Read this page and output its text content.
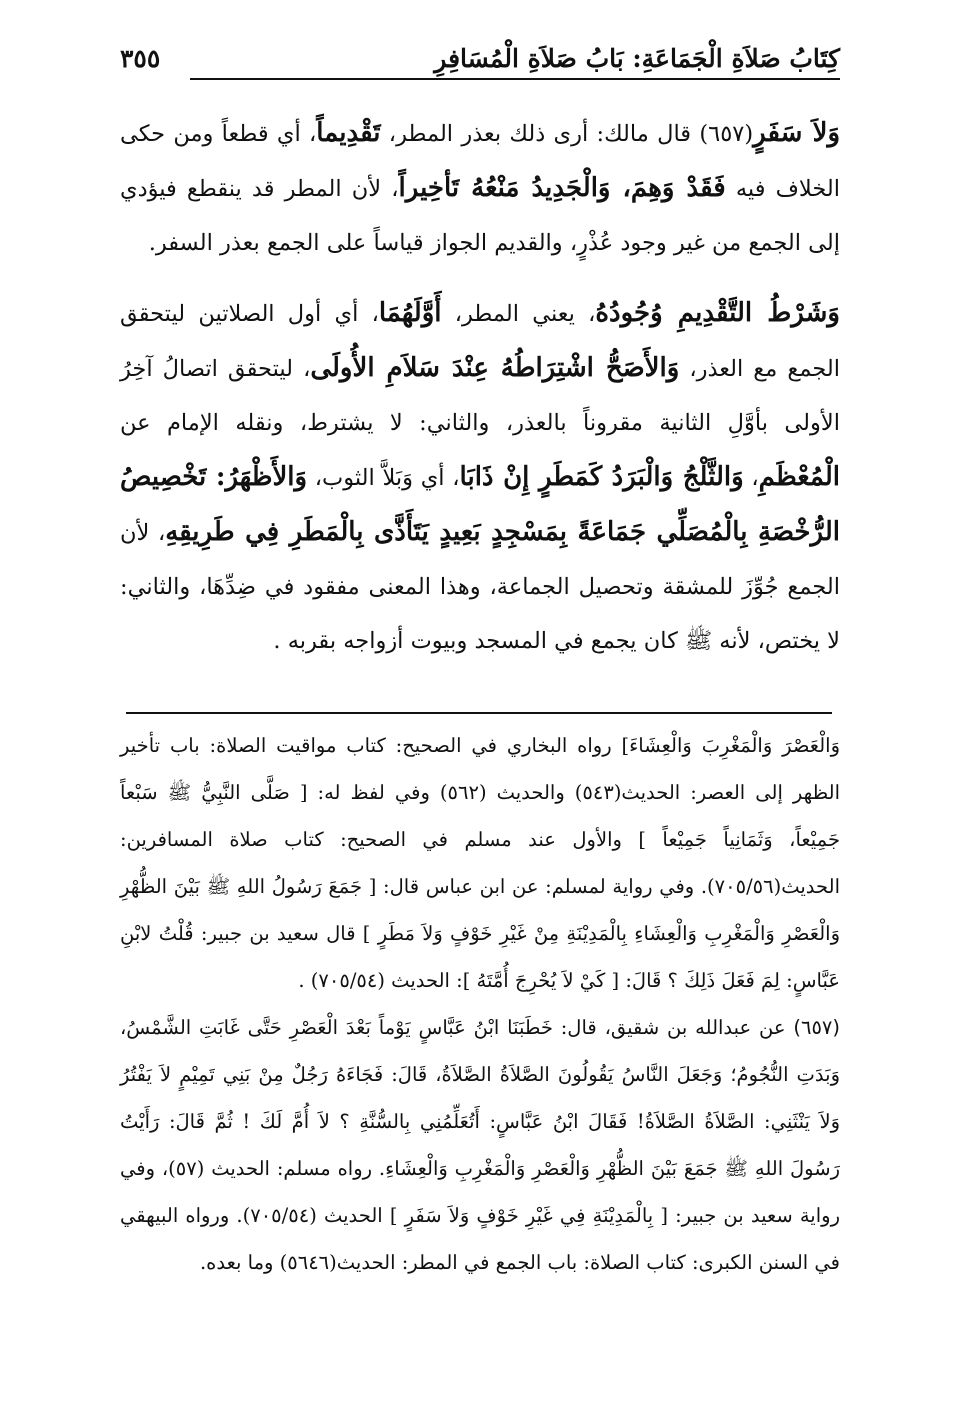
كِتَابُ صَلاَةِ الْجَمَاعَةِ: بَابُ صَلاَةِ الْمُسَافِرِ
٣٥٥

وَلاَ سَفَرٍ(٦٥٧) قال مالك: أرى ذلك بعذر المطر، تَقْدِيماً، أي قطعاً ومن حكى الخلاف فيه فَقَدْ وَهِمَ، وَالْجَدِيدُ مَنْعُهُ تَأخِيراً، لأن المطر قد ينقطع فيؤدي إلى الجمع من غير وجود عُذْرٍ، والقديم الجواز قياساً على الجمع بعذر السفر.

وَشَرْطُ التَّقْدِيمِ وُجُودُهُ، يعني المطر، أَوَّلَهُمَا، أي أول الصلاتين ليتحقق الجمع مع العذر، وَالأَصَحُّ اشْتِرَاطُهُ عِنْدَ سَلاَمِ الأُولَى، ليتحقق اتصالُ آخِرُ الأولى بأوَّلِ الثانية مقروناً بالعذر، والثاني: لا يشترط، ونقله الإمام عن الْمُعْظَمِ، وَالثَّلْجُ وَالْبَرَدُ كَمَطَرٍ إِنْ ذَابَا، أي وَبَلاَّ الثوب، وَالأَظْهَرُ: تَخْصِيصُ الرُّخْصَةِ بِالْمُصَلِّي جَمَاعَةً بِمَسْجِدٍ بَعِيدٍ يَتَأَذَّى بِالْمَطَرِ فِي طَرِيقِهِ، لأن الجمع جُوِّزَ للمشقة وتحصيل الجماعة، وهذا المعنى مفقود في ضِدِّهَا، والثاني: لا يختص، لأنه ﷺ كان يجمع في المسجد وبيوت أزواجه بقربه .

وَالْعَصْرَ وَالْمَغْرِبَ وَالْعِشَاءَ] رواه البخاري في الصحيح: كتاب مواقيت الصلاة: باب تأخير الظهر إلى العصر: الحديث(٥٤٣) والحديث (٥٦٢) وفي لفظ له: [ صَلَّى النَّبِيُّ ﷺ سَبْعاً جَمِيْعاً، وَثَمَانِياً جَمِيْعاً ] والأول عند مسلم في الصحيح: كتاب صلاة المسافرين: الحديث(٧٠٥/٥٦). وفي رواية لمسلم: عن ابن عباس قال: [ جَمَعَ رَسُولُ اللهِ ﷺ بَيْنَ الظُّهْرِ وَالْعَصْرِ وَالْمَغْرِبِ وَالْعِشَاءِ بِالْمَدِيْنَةِ مِنْ غَيْرِ خَوْفٍ وَلاَ مَطَرٍ ] قال سعيد بن جبير: قُلْتُ لابْنِ عَبَّاسٍ: لِمَ فَعَلَ ذَلِكَ ؟ قَالَ: [ كَيْ لاَ يُحْرِجَ أُمَّتَهُ ]: الحديث (٧٠٥/٥٤) .

(٦٥٧) عن عبدالله بن شقيق، قال: خَطَبَنَا ابْنُ عَبَّاسٍ يَوْماً بَعْدَ الْعَصْرِ حَتَّى غَابَتِ الشَّمْسُ، وَبَدَتِ النُّجُومُ؛ وَجَعَلَ النَّاسُ يَقُولُونَ الصَّلاَةُ الصَّلاَةُ، قَالَ: فَجَاءَهُ رَجُلٌ مِنْ بَنِي تَمِيْمٍ لاَ يَفْتُرُ وَلاَ يَنْثَنِي: الصَّلاَةُ الصَّلاَةُ! فَقَالَ ابْنُ عَبَّاسٍ: أَتُعَلِّمُنِي بِالسُّنَّةِ ؟ لاَ أُمَّ لَكَ ! ثُمَّ قَالَ: رَأَيْتُ رَسُولَ اللهِ ﷺ جَمَعَ بَيْنَ الظُّهْرِ وَالْعَصْرِ وَالْمَغْرِبِ وَالْعِشَاءِ. رواه مسلم: الحديث (٥٧)، وفي رواية سعيد بن جبير: [ بِالْمَدِيْنَةِ فِي غَيْرِ خَوْفٍ وَلاَ سَفَرٍ ] الحديث (٧٠٥/٥٤). ورواه البيهقي في السنن الكبرى: كتاب الصلاة: باب الجمع في المطر: الحديث(٥٦٤٦) وما بعده.
